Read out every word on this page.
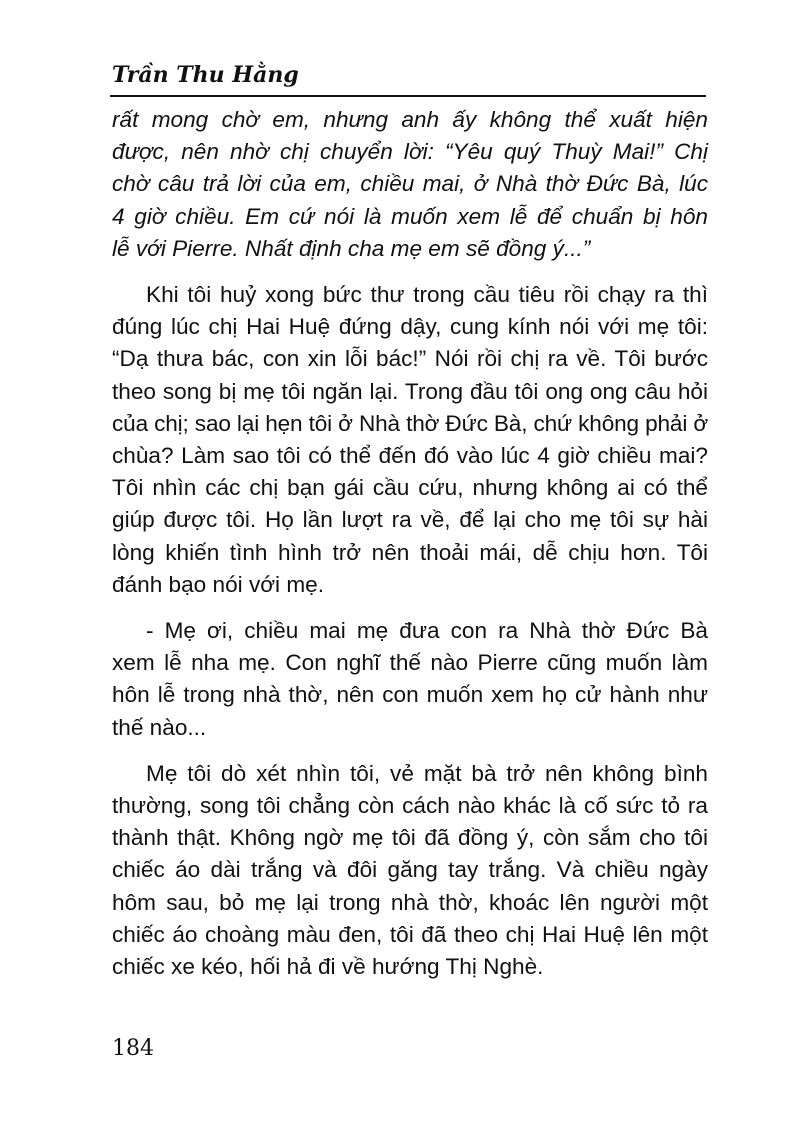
Trần Thu Hằng
rất mong chờ em, nhưng anh ấy không thể xuất hiện
được, nên nhờ chị chuyển lời: “Yêu quý Thuỳ Mai!” Chị
chờ câu trả lời của em, chiều mai, ở Nhà thờ Đức Bà, lúc
4 giờ chiều. Em cứ nói là muốn xem lễ để chuẩn bị hôn
lễ với Pierre. Nhất định cha mẹ em sẽ đồng ý...”
Khi tôi huỷ xong bức thư trong cầu tiêu rồi chạy ra thì
đúng lúc chị Hai Huệ đứng dậy, cung kính nói với mẹ tôi:
“Dạ thưa bác, con xin lỗi bác!” Nói rồi chị ra về. Tôi bước
theo song bị mẹ tôi ngăn lại. Trong đầu tôi ong ong câu hỏi
của chị; sao lại hẹn tôi ở Nhà thờ Đức Bà, chứ không phải ở
chùa? Làm sao tôi có thể đến đó vào lúc 4 giờ chiều mai?
Tôi nhìn các chị bạn gái cầu cứu, nhưng không ai có thể
giúp được tôi. Họ lần lượt ra về, để lại cho mẹ tôi sự hài
lòng khiến tình hình trở nên thoải mái, dễ chịu hơn. Tôi
đánh bạo nói với mẹ.
- Mẹ ơi, chiều mai mẹ đưa con ra Nhà thờ Đức Bà
xem lễ nha mẹ. Con nghĩ thế nào Pierre cũng muốn làm
hôn lễ trong nhà thờ, nên con muốn xem họ cử hành như
thế nào...
Mẹ tôi dò xét nhìn tôi, vẻ mặt bà trở nên không bình
thường, song tôi chẳng còn cách nào khác là cố sức tỏ ra
thành thật. Không ngờ mẹ tôi đã đồng ý, còn sắm cho tôi
chiếc áo dài trắng và đôi găng tay trắng. Và chiều ngày
hôm sau, bỏ mẹ lại trong nhà thờ, khoác lên người một
chiếc áo choàng màu đen, tôi đã theo chị Hai Huệ lên một
chiếc xe kéo, hối hả đi về hướng Thị Nghè.
184
